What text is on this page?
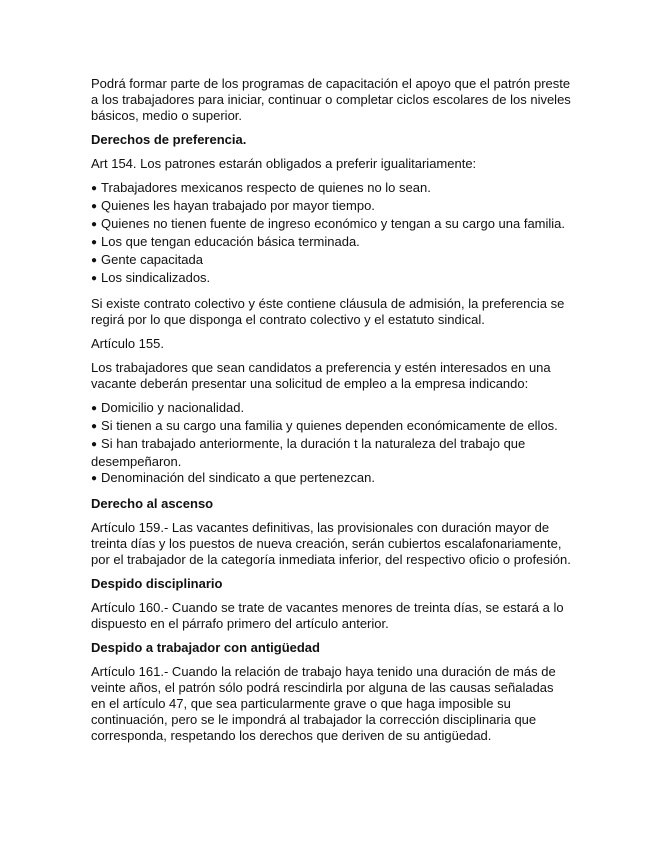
Podrá formar parte de los programas de capacitación el apoyo que el patrón preste a los trabajadores para iniciar, continuar o completar ciclos escolares de los niveles básicos, medio o superior.

Derechos de preferencia.

Art 154. Los patrones estarán obligados a preferir igualitariamente:

● Trabajadores mexicanos respecto de quienes no lo sean.
● Quienes les hayan trabajado por mayor tiempo.
● Quienes no tienen fuente de ingreso económico y tengan a su cargo una familia.
● Los que tengan educación básica terminada.
● Gente capacitada
● Los sindicalizados.

Si existe contrato colectivo y éste contiene cláusula de admisión, la preferencia se regirá por lo que disponga el contrato colectivo y el estatuto sindical.

Artículo 155.

Los trabajadores que sean candidatos a preferencia y estén interesados en una vacante deberán presentar una solicitud de empleo a la empresa indicando:

● Domicilio y nacionalidad.
● Si tienen a su cargo una familia y quienes dependen económicamente de ellos.
● Si han trabajado anteriormente, la duración t la naturaleza del trabajo que desempeñaron.
● Denominación del sindicato a que pertenezcan.
Derecho al ascenso

Artículo 159.- Las vacantes definitivas, las provisionales con duración mayor de treinta días y los puestos de nueva creación, serán cubiertos escalafonariamente, por el trabajador de la categoría inmediata inferior, del respectivo oficio o profesión.

Despido disciplinario

Artículo 160.- Cuando se trate de vacantes menores de treinta días, se estará a lo dispuesto en el párrafo primero del artículo anterior.

Despido a trabajador con antigüedad

Artículo 161.- Cuando la relación de trabajo haya tenido una duración de más de veinte años, el patrón sólo podrá rescindirla por alguna de las causas señaladas en el artículo 47, que sea particularmente grave o que haga imposible su continuación, pero se le impondrá al trabajador la corrección disciplinaria que corresponda, respetando los derechos que deriven de su antigüedad.
